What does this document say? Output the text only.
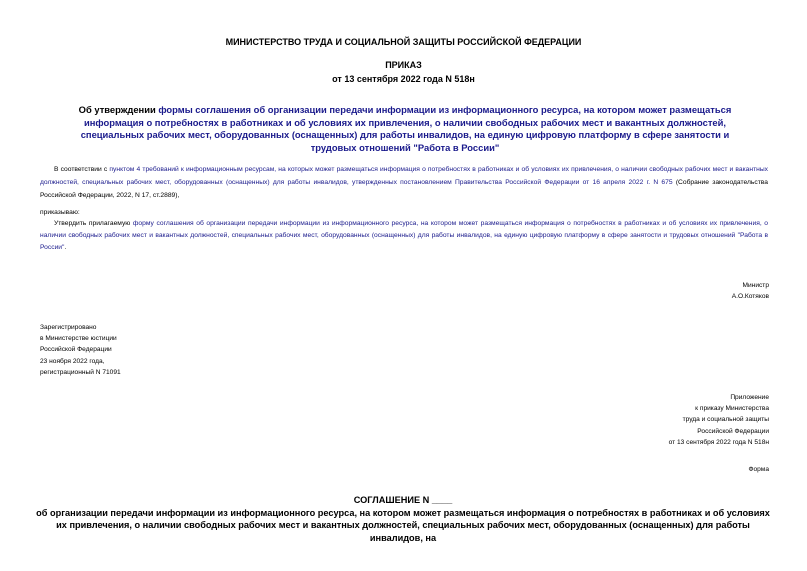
МИНИСТЕРСТВО ТРУДА И СОЦИАЛЬНОЙ ЗАЩИТЫ РОССИЙСКОЙ ФЕДЕРАЦИИ
ПРИКАЗ
от 13 сентября 2022 года N 518н
Об утверждении формы соглашения об организации передачи информации из информационного ресурса, на котором может размещаться информация о потребностях в работниках и об условиях их привлечения, о наличии свободных рабочих мест и вакантных должностей, специальных рабочих мест, оборудованных (оснащенных) для работы инвалидов, на единую цифровую платформу в сфере занятости и трудовых отношений "Работа в России"
В соответствии с пунктом 4 требований к информационным ресурсам, на которых может размещаться информация о потребностях в работниках и об условиях их привлечения, о наличии свободных рабочих мест и вакантных должностей, специальных рабочих мест, оборудованных (оснащенных) для работы инвалидов, утвержденных постановлением Правительства Российской Федерации от 16 апреля 2022 г. N 675 (Собрание законодательства Российской Федерации, 2022, N 17, ст.2889),
приказываю:
Утвердить прилагаемую форму соглашения об организации передачи информации из информационного ресурса, на котором может размещаться информация о потребностях в работниках и об условиях их привлечения, о наличии свободных рабочих мест и вакантных должностей, специальных рабочих мест, оборудованных (оснащенных) для работы инвалидов, на единую цифровую платформу в сфере занятости и трудовых отношений "Работа в России".
Министр
А.О.Котяков
Зарегистрировано
в Министерстве юстиции
Российской Федерации
23 ноября 2022 года,
регистрационный N 71091
Приложение
к приказу Министерства
труда и социальной защиты
Российской Федерации
от 13 сентября 2022 года N 518н
Форма
СОГЛАШЕНИЕ N ____
об организации передачи информации из информационного ресурса, на котором может размещаться информация о потребностях в работниках и об условиях их привлечения, о наличии свободных рабочих мест и вакантных должностей, специальных рабочих мест, оборудованных (оснащенных) для работы инвалидов, на
